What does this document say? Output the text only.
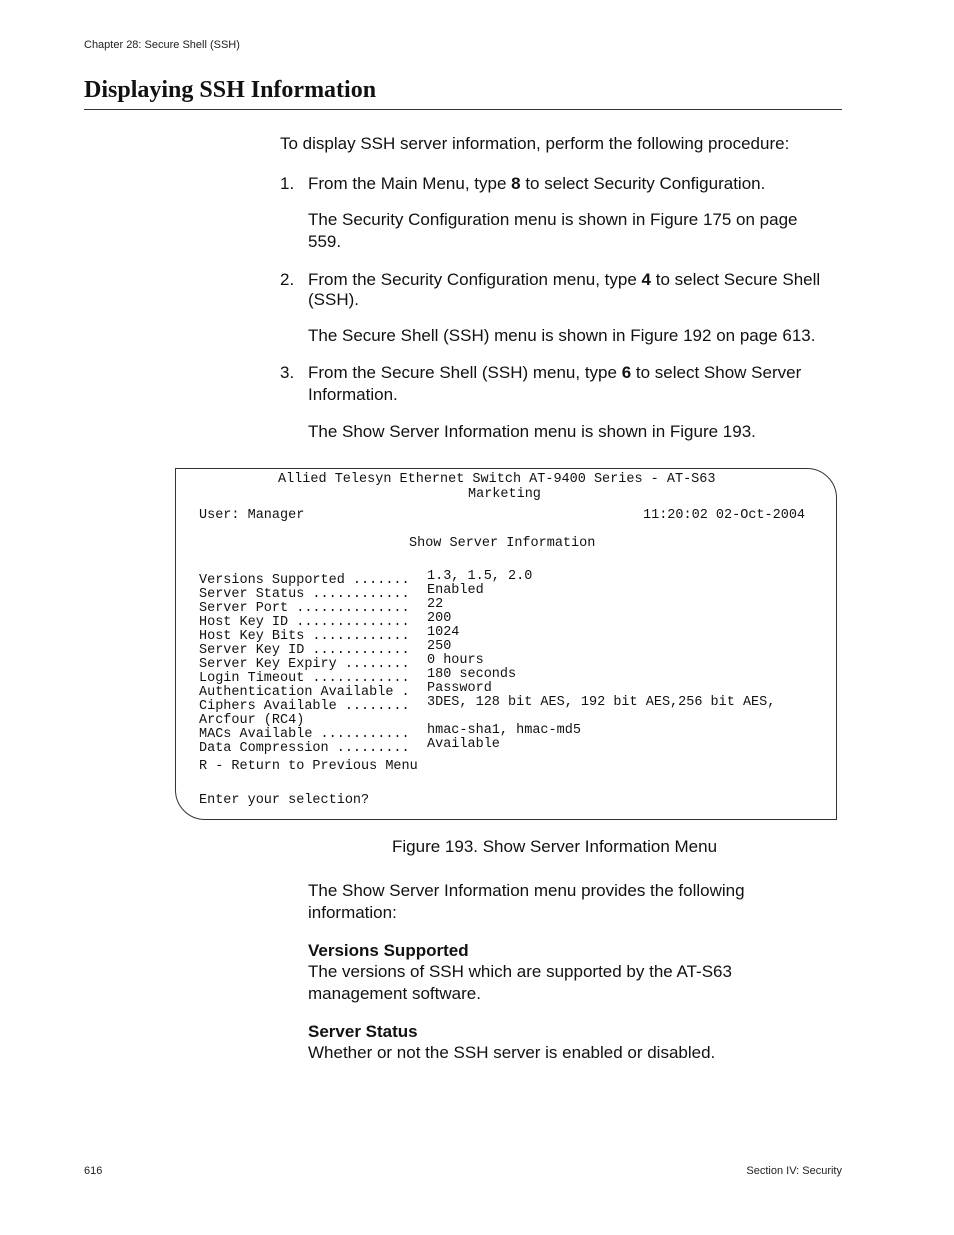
Chapter 28: Secure Shell (SSH)
Displaying SSH Information
To display SSH server information, perform the following procedure:
1. From the Main Menu, type 8 to select Security Configuration.
The Security Configuration menu is shown in Figure 175 on page
559.
2. From the Security Configuration menu, type 4 to select Secure Shell
(SSH).
The Secure Shell (SSH) menu is shown in Figure 192 on page 613.
3. From the Secure Shell (SSH) menu, type 6 to select Show Server
Information.
The Show Server Information menu is shown in Figure 193.
Allied Telesyn Ethernet Switch AT-9400 Series - AT-S63
Marketing
User: Manager	11:20:02 02-Oct-2004
Show Server Information
Versions Supported ....... 1.3, 1.5, 2.0
Server Status ............ Enabled
Server Port .............. 22
Host Key ID .............. 200
Host Key Bits ............ 1024
Server Key ID ............ 250
Server Key Expiry ........ 0 hours
Login Timeout ............ 180 seconds
Authentication Available . Password
Ciphers Available ........ 3DES, 128 bit AES, 192 bit AES,256 bit AES,
Arcfour (RC4)
MACs Available ........... hmac-sha1, hmac-md5
Data Compression ......... Available
R - Return to Previous Menu
Enter your selection?
Figure 193. Show Server Information Menu
The Show Server Information menu provides the following
information:
Versions Supported
The versions of SSH which are supported by the AT-S63
management software.
Server Status
Whether or not the SSH server is enabled or disabled.
616	Section IV: Security
